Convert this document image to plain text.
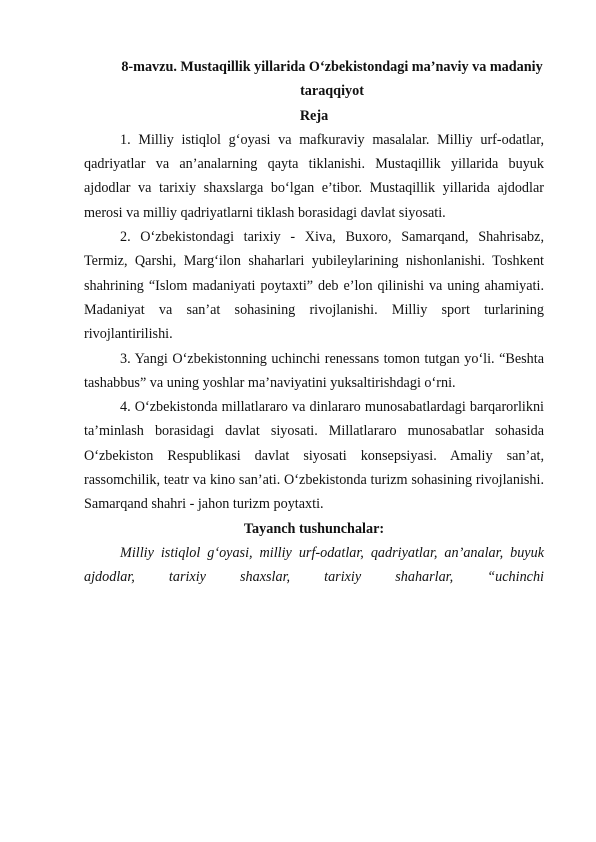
8-mavzu. Mustaqillik yillarida O‘zbekistondagi ma’naviy va madaniy taraqqiyot

Reja

1. Milliy istiqlol g‘oyasi va mafkuraviy masalalar. Milliy urf-odatlar, qadriyatlar va an’analarning qayta tiklanishi. Mustaqillik yillarida buyuk ajdodlar va tarixiy shaxslarga bo‘lgan e’tibor. Mustaqillik yillarida ajdodlar merosi va milliy qadriyatlarni tiklash borasidagi davlat siyosati.

2. O‘zbekistondagi tarixiy - Xiva, Buxoro, Samarqand, Shahrisabz, Termiz, Qarshi, Marg‘ilon shaharlari yubileylarining nishonlanishi. Toshkent shahrining “Islom madaniyati poytaxti” deb e’lon qilinishi va uning ahamiyati. Madaniyat va san’at sohasining rivojlanishi. Milliy sport turlarining rivojlantirilishi.

3. Yangi O‘zbekistonning uchinchi renessans tomon tutgan yo‘li. “Beshta tashabbus” va uning yoshlar ma’naviyatini yuksaltirishdagi o‘rni.

4. O‘zbekistonda millatlararo va dinlararo munosabatlardagi barqarorlikni ta’minlash borasidagi davlat siyosati. Millatlararo munosabatlar sohasida O‘zbekiston Respublikasi davlat siyosati konsepsiyasi. Amaliy san’at, rassomchilik, teatr va kino san’ati. O‘zbekistonda turizm sohasining rivojlanishi. Samarqand shahri - jahon turizm poytaxti.

Tayanch tushunchalar:

Milliy istiqlol g‘oyasi, milliy urf-odatlar, qadriyatlar, an’analar, buyuk ajdodlar, tarixiy shaxslar, tarixiy shaharlar, “uchinchi
